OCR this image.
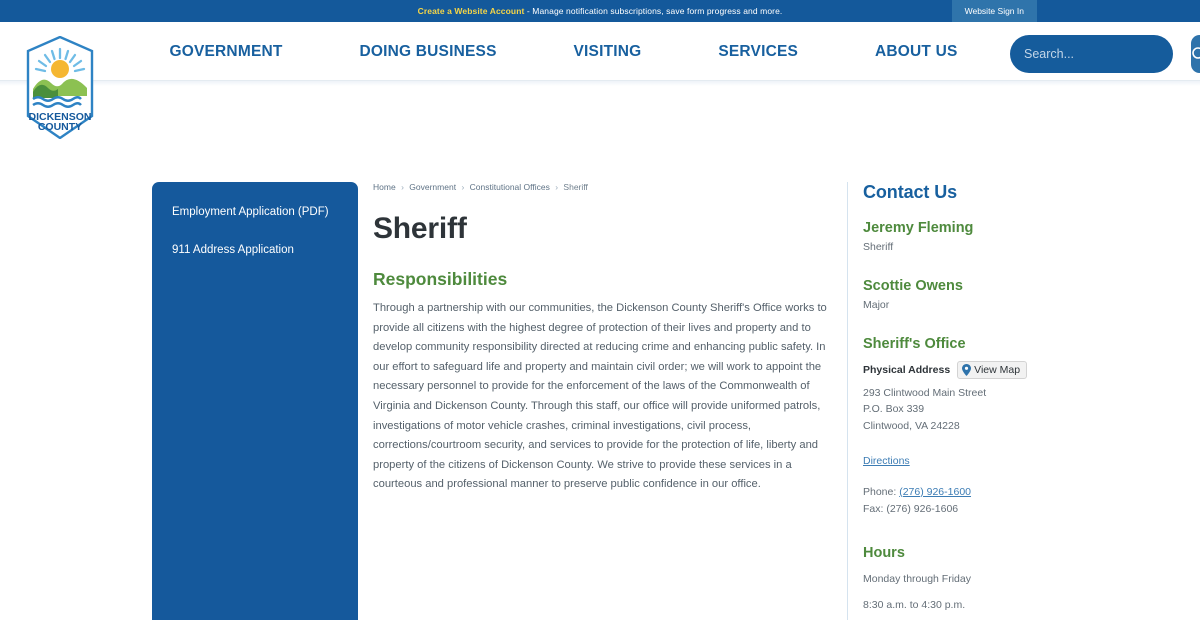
Create a Website Account - Manage notification subscriptions, save form progress and more.	Website Sign In
DICKENSON
COUNTY
GOVERNMENT	DOING BUSINESS	VISITING	SERVICES	ABOUT US
Search...
Employment Application (PDF)
911 Address Application
Home › Government › Constitutional Offices › Sheriff
Sheriff
Responsibilities

Through a partnership with our communities, the Dickenson County Sheriff's Office works to provide all citizens with the highest degree of protection of their lives and property and to develop community responsibility directed at reducing crime and enhancing public safety. In our effort to safeguard life and property and maintain civil order; we will work to appoint the necessary personnel to provide for the enforcement of the laws of the Commonwealth of Virginia and Dickenson County. Through this staff, our office will provide uniformed patrols, investigations of motor vehicle crashes, criminal investigations, civil process, corrections/courtroom security, and services to provide for the protection of life, liberty and property of the citizens of Dickenson County. We strive to provide these services in a courteous and professional manner to preserve public confidence in our office.

Contact Us
Jeremy Fleming
Sheriff
Scottie Owens
Major
Sheriff's Office
Physical Address View Map
293 Clintwood Main Street
P.O. Box 339
Clintwood, VA 24228
Directions
Phone: (276) 926-1600
Fax: (276) 926-1606
Hours
Monday through Friday
8:30 a.m. to 4:30 p.m.
